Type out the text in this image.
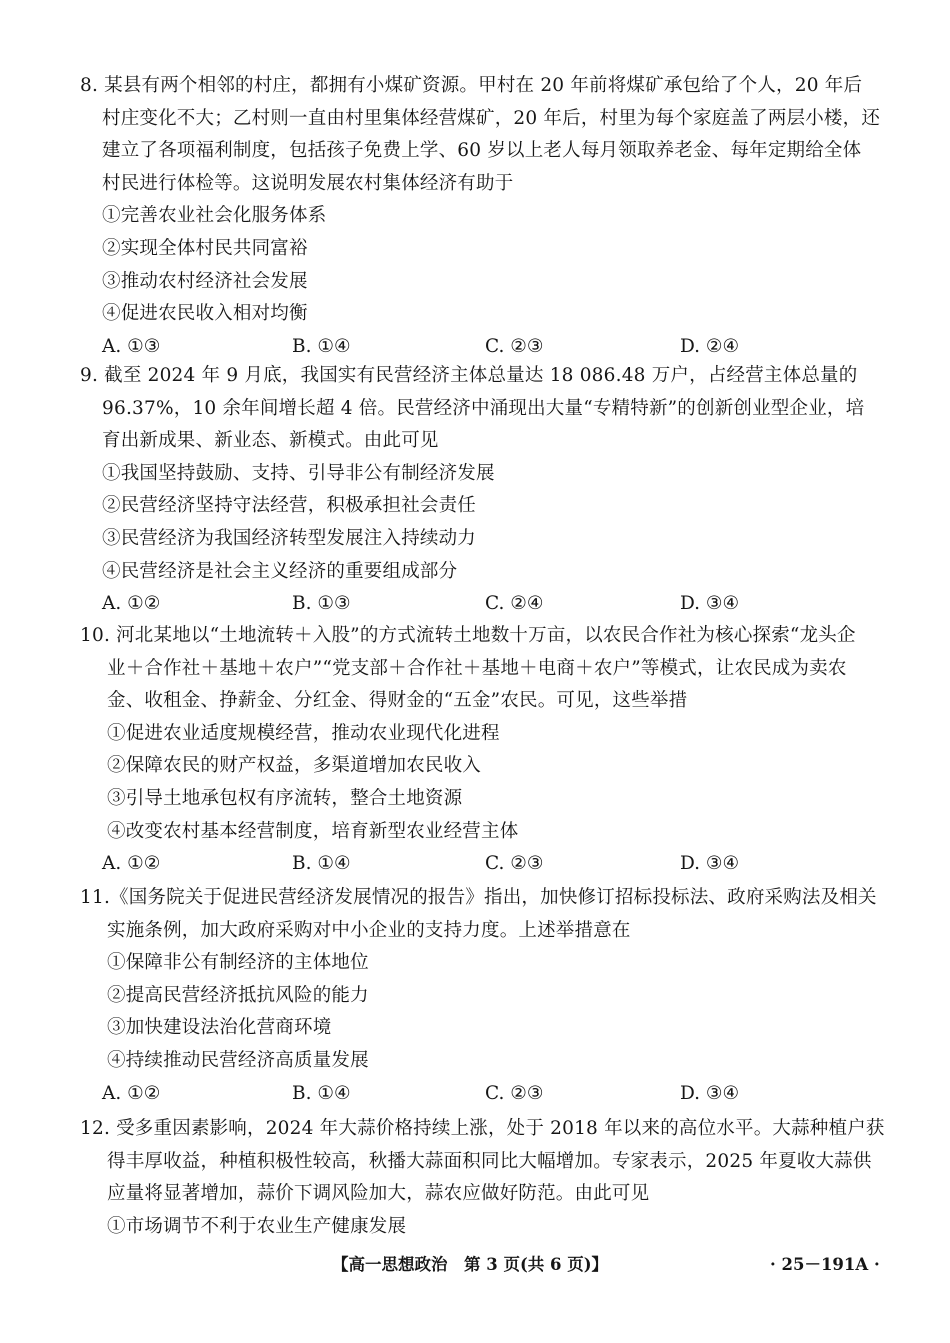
8. 某县有两个相邻的村庄，都拥有小煤矿资源。甲村在 20 年前将煤矿承包给了个人，20 年后
村庄变化不大；乙村则一直由村里集体经营煤矿，20 年后，村里为每个家庭盖了两层小楼，还
建立了各项福利制度，包括孩子免费上学、60 岁以上老人每月领取养老金、每年定期给全体
村民进行体检等。这说明发展农村集体经济有助于
①完善农业社会化服务体系
②实现全体村民共同富裕
③推动农村经济社会发展
④促进农民收入相对均衡
A. ①③	B. ①④	C. ②③	D. ②④
9. 截至 2024 年 9 月底，我国实有民营经济主体总量达 18 086.48 万户，占经营主体总量的
96.37%，10 余年间增长超 4 倍。民营经济中涌现出大量“专精特新”的创新创业型企业，培
育出新成果、新业态、新模式。由此可见
①我国坚持鼓励、支持、引导非公有制经济发展
②民营经济坚持守法经营，积极承担社会责任
③民营经济为我国经济转型发展注入持续动力
④民营经济是社会主义经济的重要组成部分
A. ①②	B. ①③	C. ②④	D. ③④
10. 河北某地以“土地流转＋入股”的方式流转土地数十万亩，以农民合作社为核心探索“龙头企
业＋合作社＋基地＋农户”“党支部＋合作社＋基地＋电商＋农户”等模式，让农民成为卖农
金、收租金、挣薪金、分红金、得财金的“五金”农民。可见，这些举措
①促进农业适度规模经营，推动农业现代化进程
②保障农民的财产权益，多渠道增加农民收入
③引导土地承包权有序流转，整合土地资源
④改变农村基本经营制度，培育新型农业经营主体
A. ①②	B. ①④	C. ②③	D. ③④
11.《国务院关于促进民营经济发展情况的报告》指出，加快修订招标投标法、政府采购法及相关
实施条例，加大政府采购对中小企业的支持力度。上述举措意在
①保障非公有制经济的主体地位
②提高民营经济抵抗风险的能力
③加快建设法治化营商环境
④持续推动民营经济高质量发展
A. ①②	B. ①④	C. ②③	D. ③④
12. 受多重因素影响，2024 年大蒜价格持续上涨，处于 2018 年以来的高位水平。大蒜种植户获
得丰厚收益，种植积极性较高，秋播大蒜面积同比大幅增加。专家表示，2025 年夏收大蒜供
应量将显著增加，蒜价下调风险加大，蒜农应做好防范。由此可见
①市场调节不利于农业生产健康发展
【高一思想政治　第 3 页(共 6 页)】	· 25－191A ·
